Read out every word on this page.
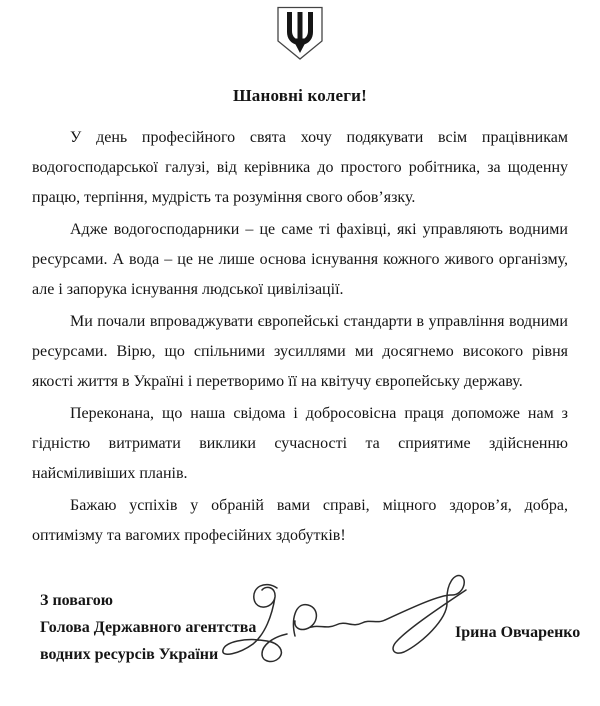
Шановні колеги!

У день професійного свята хочу подякувати всім працівникам водогосподарської галузі, від керівника до простого робітника, за щоденну працю, терпіння, мудрість та розуміння свого обов’язку.

Адже водогосподарники – це саме ті фахівці, які управляють водними ресурсами. А вода – це не лише основа існування кожного живого організму, але і запорука існування людської цивілізації.

Ми почали впроваджувати європейські стандарти в управління водними ресурсами. Вірю, що спільними зусиллями ми досягнемо високого рівня якості життя в Україні і перетворимо її на квітучу європейську державу.

Переконана, що наша свідома і добросовісна праця допоможе нам з гідністю витримати виклики сучасності та сприятиме здійсненню найсміливіших планів.

Бажаю успіхів у обраній вами справі, міцного здоров’я, добра, оптимізму та вагомих професійних здобутків!

З повагою
Голова Державного агентства
водних ресурсів України
Ірина Овчаренко
